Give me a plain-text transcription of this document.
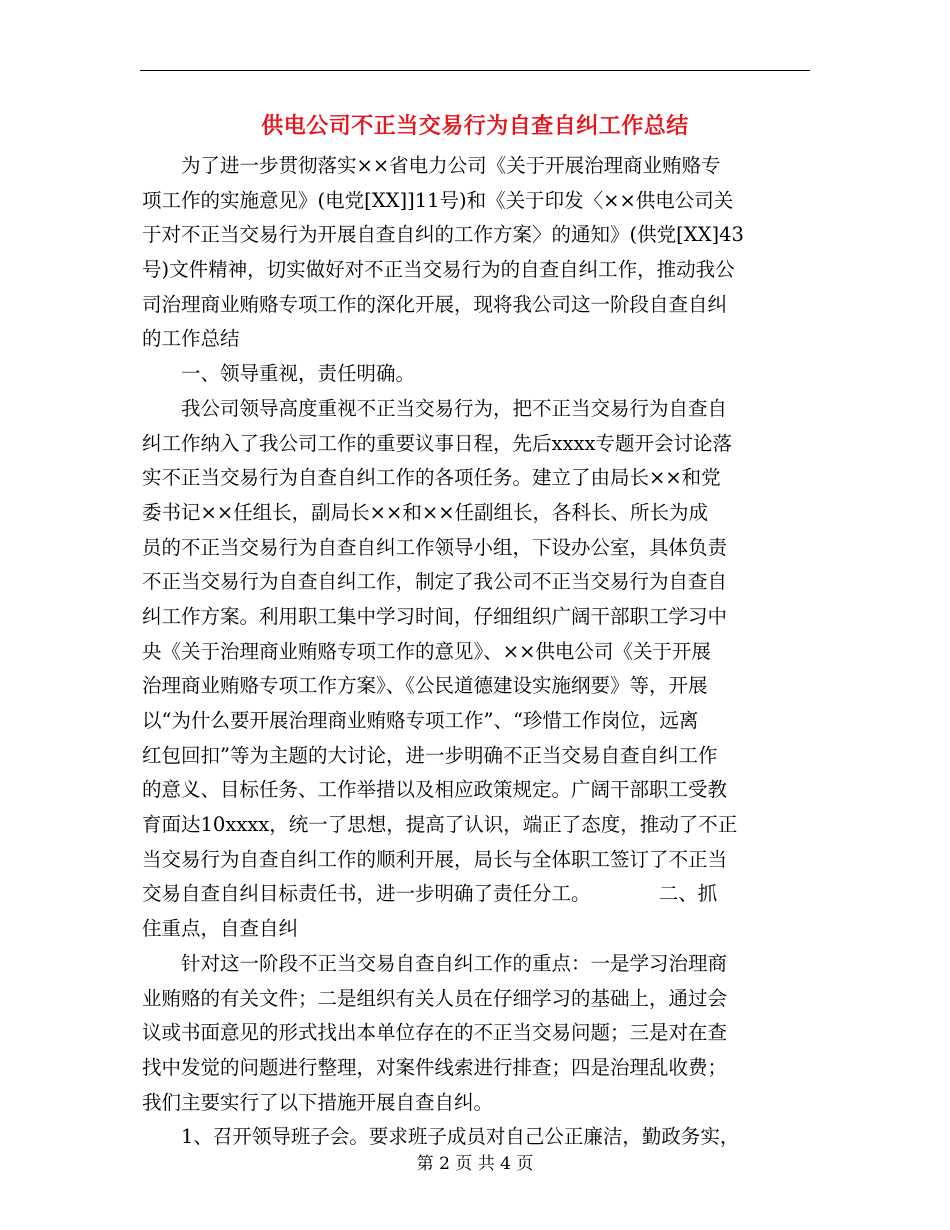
供电公司不正当交易行为自查自纠工作总结
　　为了进一步贯彻落实××省电力公司《关于开展治理商业贿赂专
项工作的实施意见》(电党[XX]]11号)和《关于印发〈××供电公司关
于对不正当交易行为开展自查自纠的工作方案〉的通知》(供党[XX]43
号)文件精神，切实做好对不正当交易行为的自查自纠工作，推动我公
司治理商业贿赂专项工作的深化开展，现将我公司这一阶段自查自纠
的工作总结
　　一、领导重视，责任明确。
　　我公司领导高度重视不正当交易行为，把不正当交易行为自查自
纠工作纳入了我公司工作的重要议事日程，先后xxxx专题开会讨论落
实不正当交易行为自查自纠工作的各项任务。建立了由局长××和党
委书记××任组长，副局长××和××任副组长，各科长、所长为成
员的不正当交易行为自查自纠工作领导小组，下设办公室，具体负责
不正当交易行为自查自纠工作，制定了我公司不正当交易行为自查自
纠工作方案。利用职工集中学习时间，仔细组织广阔干部职工学习中
央《关于治理商业贿赂专项工作的意见》、××供电公司《关于开展
治理商业贿赂专项工作方案》、《公民道德建设实施纲要》等，开展
以“为什么要开展治理商业贿赂专项工作”、“珍惜工作岗位，远离
红包回扣”等为主题的大讨论，进一步明确不正当交易自查自纠工作
的意义、目标任务、工作举措以及相应政策规定。广阔干部职工受教
育面达10xxxx，统一了思想，提高了认识，端正了态度，推动了不正
当交易行为自查自纠工作的顺利开展，局长与全体职工签订了不正当
交易自查自纠目标责任书，进一步明确了责任分工。　　　　二、抓
住重点，自查自纠
　　针对这一阶段不正当交易自查自纠工作的重点：一是学习治理商
业贿赂的有关文件；二是组织有关人员在仔细学习的基础上，通过会
议或书面意见的形式找出本单位存在的不正当交易问题；三是对在查
找中发觉的问题进行整理，对案件线索进行排查；四是治理乱收费；
我们主要实行了以下措施开展自查自纠。
　　1、召开领导班子会。要求班子成员对自己公正廉洁，勤政务实，
第 2 页 共 4 页
